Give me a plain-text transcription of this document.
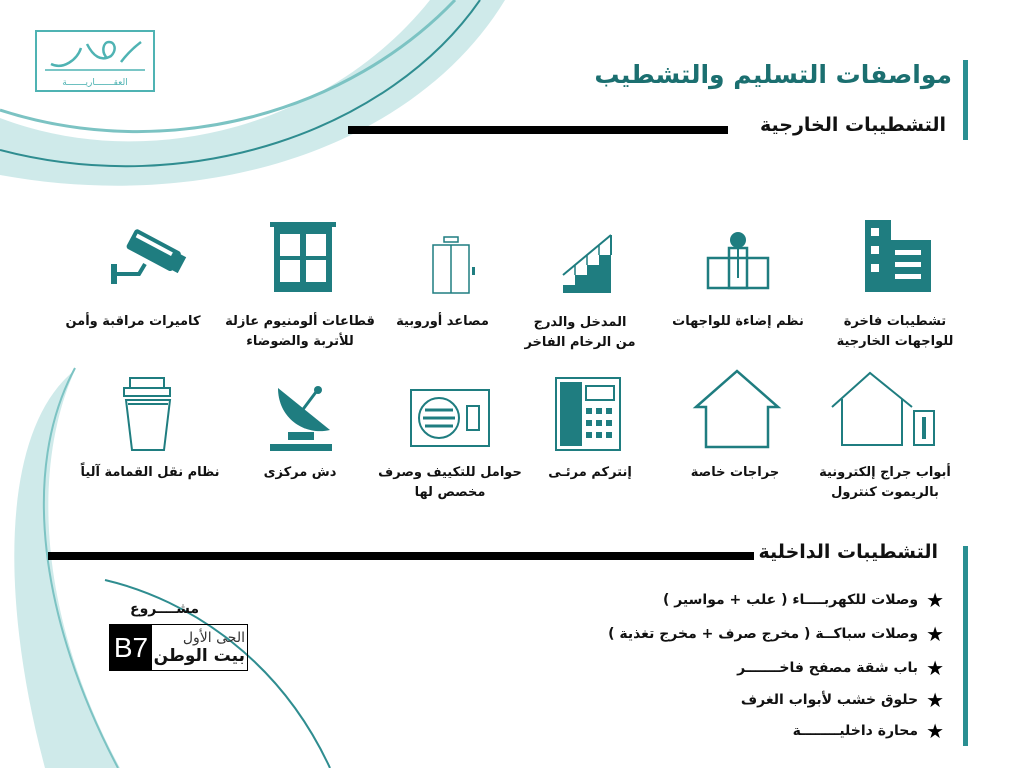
العقـــــــاريـــــــة	مواصفات التسليم والتشطيب
التشطيبات الخارجية
تشطيبات فاخرة
للواجهات الخارجية
نظم إضاءة للواجهات
المدخل والدرج
من الرخام الفاخر
مصاعد أوروبية
قطاعات ألومنيوم عازلة
للأتربة والضوضاء
كاميرات مراقبة وأمن
أبواب جراج إلكترونية
بالريموت كنترول
جراجات خاصة
إنتركم مرئـى
حوامل للتكييف وصرف
مخصص لها
دش مركزى
نظام نقل القمامة آلياً
التشطيبات الداخلية
★
وصلات للكهربــــاء ( علب + مواسير )
★
وصلات سباكــة ( مخرج صرف + مخرج تغذية )
★
باب شقة مصفح فاخـــــــر
★
حلوق خشب لأبواب الغرف
★
محارة داخليــــــــة
مشــــروع
B7	الحى الأول
بيت الوطن
